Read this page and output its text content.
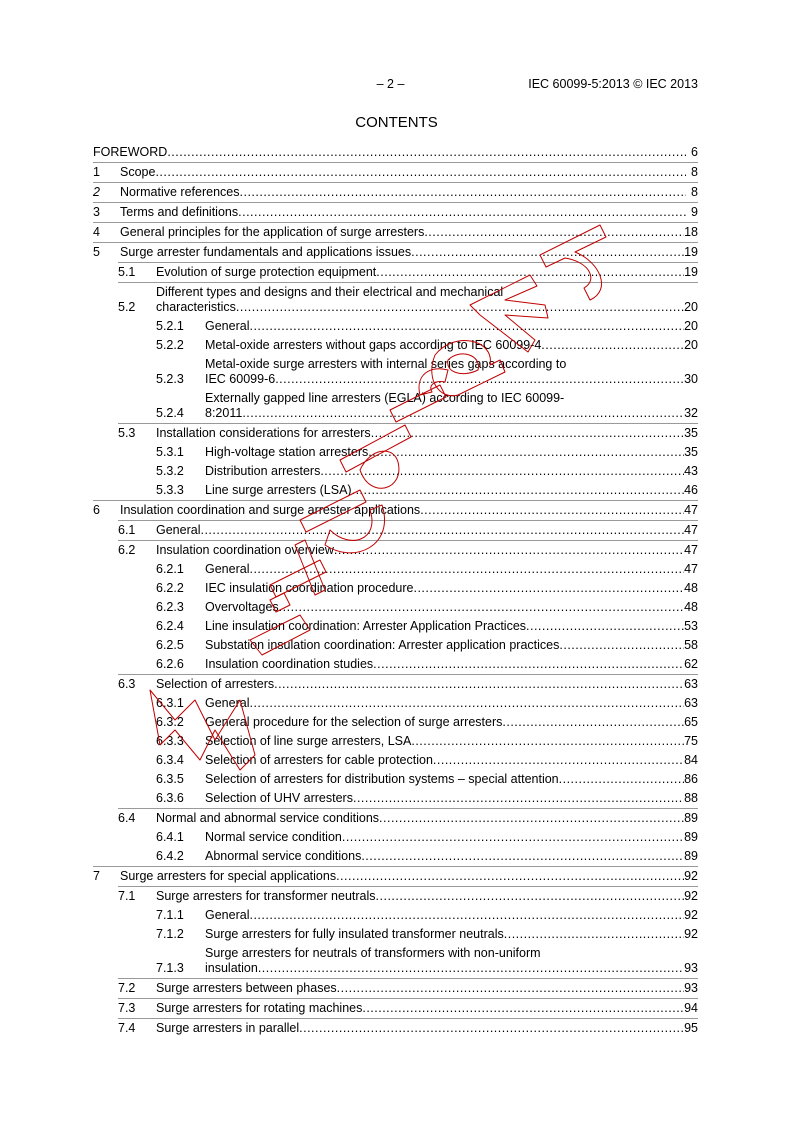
– 2 –	IEC 60099-5:2013 © IEC 2013
CONTENTS
FOREWORD .....	6
1	Scope .....	8
2	Normative references .....	8
3	Terms and definitions .....	9
4	General principles for the application of surge arresters .....	18
5	Surge arrester fundamentals and applications issues .....	19
5.1	Evolution of surge protection equipment .....	19
5.2
Different types and designs and their electrical and mechanical
characteristics .....	20
5.2.1	General .....	20
5.2.2	Metal-oxide arresters without gaps according to IEC 60099-4 .....	20
5.2.3
Metal-oxide surge arresters with internal series gaps according to
IEC 60099-6 .....	30
5.2.4
Externally gapped line arresters (EGLA) according to IEC 60099-
8:2011 .....	32
5.3	Installation considerations for arresters .....	35
5.3.1	High-voltage station arresters .....	35
5.3.2	Distribution arresters .....	43
5.3.3	Line surge arresters (LSA) .....	46
6	Insulation coordination and surge arrester applications .....	47
6.1	General .....	47
6.2	Insulation coordination overview .....	47
6.2.1	General .....	47
6.2.2	IEC insulation coordination procedure .....	48
6.2.3	Overvoltages .....	48
6.2.4	Line insulation coordination: Arrester Application Practices .....	53
6.2.5	Substation insulation coordination: Arrester application practices .....	58
6.2.6	Insulation coordination studies .....	62
6.3	Selection of arresters .....	63
6.3.1	General .....	63
6.3.2	General procedure for the selection of surge arresters .....	65
6.3.3	Selection of line surge arresters, LSA .....	75
6.3.4	Selection of arresters for cable protection .....	84
6.3.5	Selection of arresters for distribution systems – special attention .....	86
6.3.6	Selection of UHV arresters .....	88
6.4	Normal and abnormal service conditions .....	89
6.4.1	Normal service condition .....	89
6.4.2	Abnormal service conditions .....	89
7	Surge arresters for special applications .....	92
7.1	Surge arresters for transformer neutrals .....	92
7.1.1	General .....	92
7.1.2	Surge arresters for fully insulated transformer neutrals .....	92
7.1.3
Surge arresters for neutrals of transformers with non-uniform
insulation .....	93
7.2	Surge arresters between phases .....	93
7.3	Surge arresters for rotating machines .....	94
7.4	Surge arresters in parallel .....	95
